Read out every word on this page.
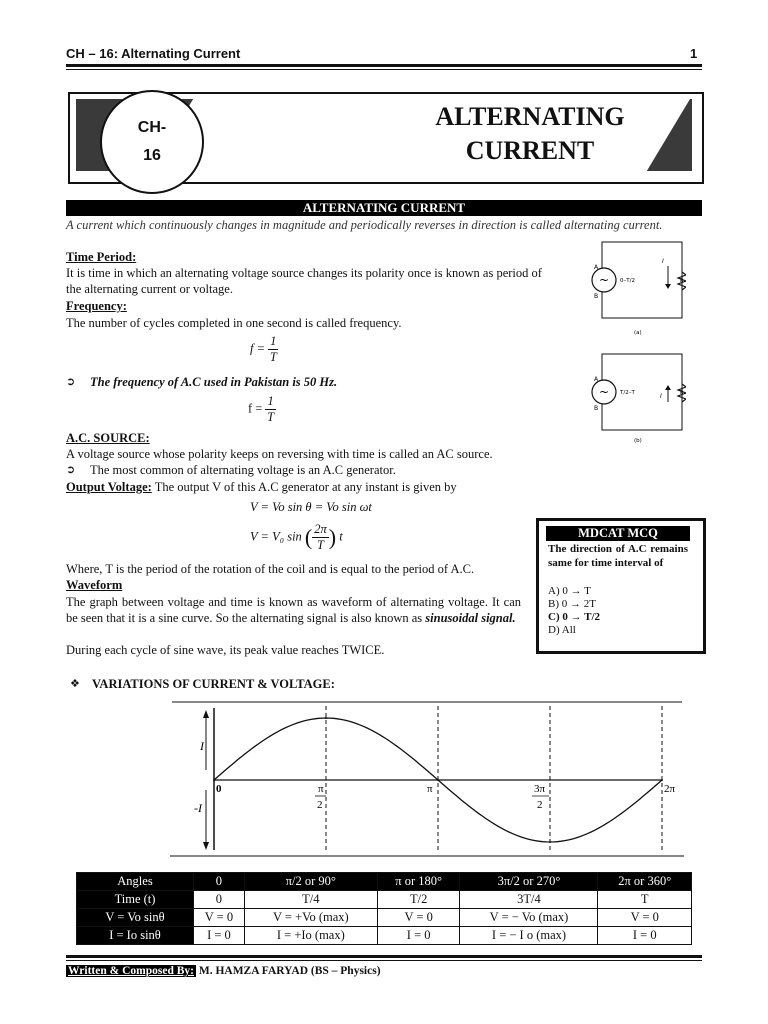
CH – 16: Alternating Current	1
CH-
16
ALTERNATING
CURRENT
ALTERNATING CURRENT
A current which continuously changes in magnitude and periodically reverses in direction is called alternating current.
Time Period:
It is time in which an alternating voltage source changes its polarity once is known as period of the alternating current or voltage.
Frequency:
The number of cycles completed in one second is called frequency.
$f = \frac{1}{T}$
➲ The frequency of A.C used in Pakistan is 50 Hz.
$f = \frac{1}{T}$
A.C. SOURCE:
A voltage source whose polarity keeps on reversing with time is called an AC source.
➲ The most common of alternating voltage is an A.C generator.
Output Voltage: The output V of this A.C generator at any instant is given by
V = Vo sin θ = Vo sin ωt
V = V₀ sin ( $\frac{2\pi}{T}$ ) t
Where, T is the period of the rotation of the coil and is equal to the period of A.C.
Waveform
The graph between voltage and time is known as waveform of alternating voltage. It can be seen that it is a sine curve. So the alternating signal is also known as sinusoidal signal.
During each cycle of sine wave, its peak value reaches TWICE.
~
A
B
0–T/2
I
R
(a)
~
A
B
T/2–T	I	R
(b)
MDCAT MCQ
The direction of A.C remains same for time interval of
A) 0 → T
B) 0 → 2T
C) 0 → T/2
D) All
❖ VARIATIONS OF CURRENT & VOLTAGE:
I
-I
0	π
2
π	3π
2
2π
Angles	0	π/2 or 90°	π or 180°	3π/2 or 270°	2π or 360°
Time (t)	0	T/4	T/2	3T/4	T
V = Vo sinθ	V = 0	V = +Vo (max)	V = 0	V = − Vo (max)	V = 0
I = Io sinθ	I = 0	I = +Io (max)	I = 0	I = − I o (max)	I = 0
Written & Composed By: M. HAMZA FARYAD (BS – Physics)
